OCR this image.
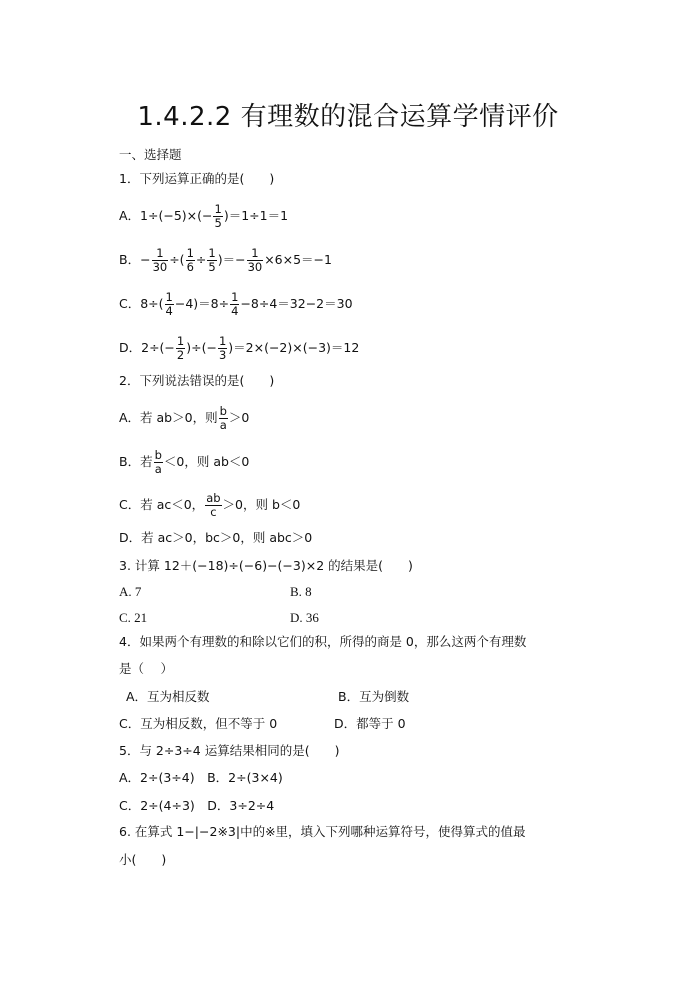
1.4.2.2 有理数的混合运算学情评价
一、选择题
1．下列运算正确的是(　　)
A．$1\div(-5)\times(- \frac{1}{5} )=1\div 1=1$
B．− $\frac{1}{30}$ ÷( $\frac{1}{6} \div \frac{1}{5}$ )＝− $\frac{1}{30} \times 6\times 5=-1$
C．$8\div( \frac{1}{4} -4)=8\div \frac{1}{4} -8\div 4=32-2=30$
D．$2\div(- \frac{1}{2}$ )÷(− $\frac{1}{3} )=2\times(-2)\times(-3)=12$
2．下列说法错误的是(　　)
A．若 ab＞0，则 $\frac{b}{a} >0$
B．若 $\frac{b}{a} <0$，则 ab＜0
C．若 ac＜0， $\frac{ab}{c} >0$，则 b＜0
D．若 ac＞0，bc＞0，则 abc＞0
3. 计算 12＋(−18)÷(−6)−(−3)×2 的结果是(　　)
A. 7	B. 8
C. 21	D. 36
4．如果两个有理数的和除以它们的积，所得的商是 0，那么这两个有理数
是（　 ）
A．互为相反数	B．互为倒数
C．互为相反数，但不等于 0	D．都等于 0
5．与 2÷3÷4 运算结果相同的是(　　)
A．2÷(3÷4)　B．2÷(3×4)
C．2÷(4÷3)　D．3÷2÷4
6. 在算式 1−|−2※3|中的※里，填入下列哪种运算符号，使得算式的值最
小(　　)
